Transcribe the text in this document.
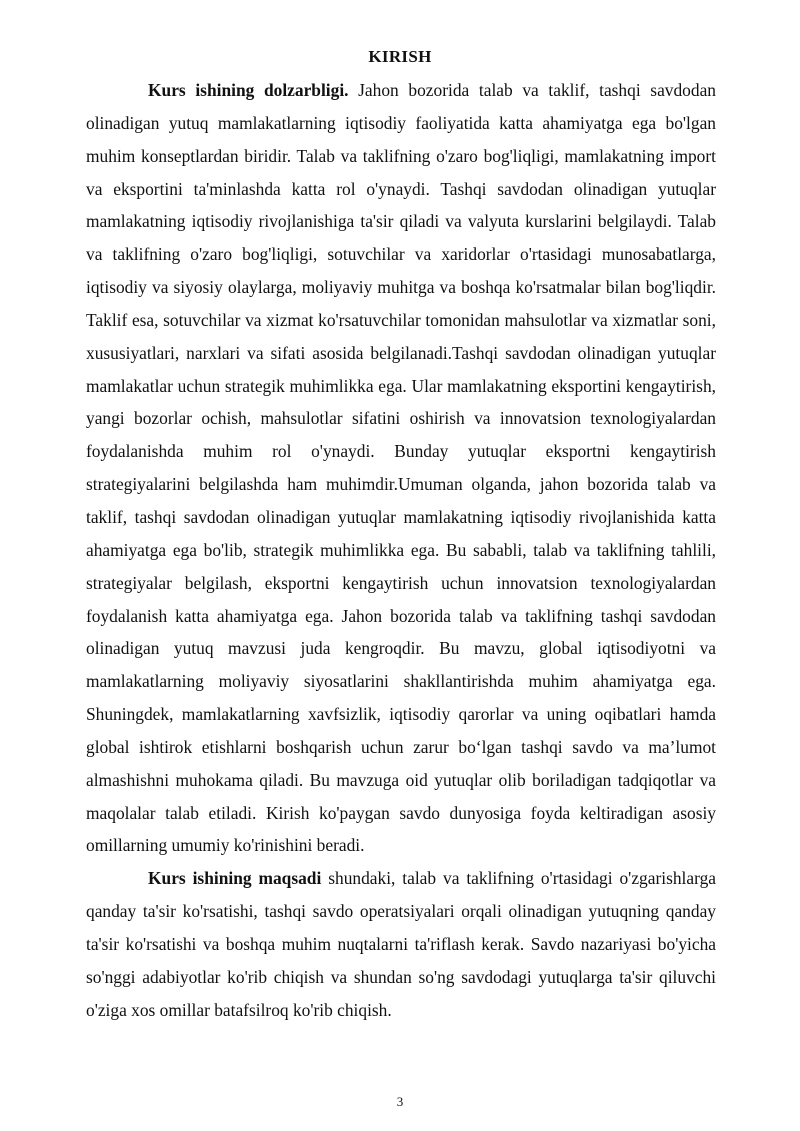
KIRISH

Kurs ishining dolzarbligi. Jahon bozorida talab va taklif, tashqi savdodan olinadigan yutuq mamlakatlarning iqtisodiy faoliyatida katta ahamiyatga ega bo'lgan muhim konseptlardan biridir. Talab va taklifning o'zaro bog'liqligi, mamlakatning import va eksportini ta'minlashda katta rol o'ynaydi. Tashqi savdodan olinadigan yutuqlar mamlakatning iqtisodiy rivojlanishiga ta'sir qiladi va valyuta kurslarini belgilaydi. Talab va taklifning o'zaro bog'liqligi, sotuvchilar va xaridorlar o'rtasidagi munosabatlarga, iqtisodiy va siyosiy olaylarga, moliyaviy muhitga va boshqa ko'rsatmalar bilan bog'liqdir. Taklif esa, sotuvchilar va xizmat ko'rsatuvchilar tomonidan mahsulotlar va xizmatlar soni, xususiyatlari, narxlari va sifati asosida belgilanadi.Tashqi savdodan olinadigan yutuqlar mamlakatlar uchun strategik muhimlikka ega. Ular mamlakatning eksportini kengaytirish, yangi bozorlar ochish, mahsulotlar sifatini oshirish va innovatsion texnologiyalardan foydalanishda muhim rol o'ynaydi. Bunday yutuqlar eksportni kengaytirish strategiyalarini belgilashda ham muhimdir.Umuman olganda, jahon bozorida talab va taklif, tashqi savdodan olinadigan yutuqlar mamlakatning iqtisodiy rivojlanishida katta ahamiyatga ega bo'lib, strategik muhimlikka ega. Bu sababli, talab va taklifning tahlili, strategiyalar belgilash, eksportni kengaytirish uchun innovatsion texnologiyalardan foydalanish katta ahamiyatga ega. Jahon bozorida talab va taklifning tashqi savdodan olinadigan yutuq mavzusi juda kengroqdir. Bu mavzu, global iqtisodiyotni va mamlakatlarning moliyaviy siyosatlarini shakllantirishda muhim ahamiyatga ega. Shuningdek, mamlakatlarning xavfsizlik, iqtisodiy qarorlar va uning oqibatlari hamda global ishtirok etishlarni boshqarish uchun zarur bo‘lgan tashqi savdo va ma’lumot almashishni muhokama qiladi. Bu mavzuga oid yutuqlar olib boriladigan tadqiqotlar va maqolalar talab etiladi. Kirish ko'paygan savdo dunyosiga foyda keltiradigan asosiy omillarning umumiy ko'rinishini beradi.

Kurs ishining maqsadi shundaki, talab va taklifning o'rtasidagi o'zgarishlarga qanday ta'sir ko'rsatishi, tashqi savdo operatsiyalari orqali olinadigan yutuqning qanday ta'sir ko'rsatishi va boshqa muhim nuqtalarni ta'riflash kerak. Savdo nazariyasi bo'yicha so'nggi adabiyotlar ko'rib chiqish va shundan so'ng savdodagi yutuqlarga ta'sir qiluvchi o'ziga xos omillar batafsilroq ko'rib chiqish.

3
